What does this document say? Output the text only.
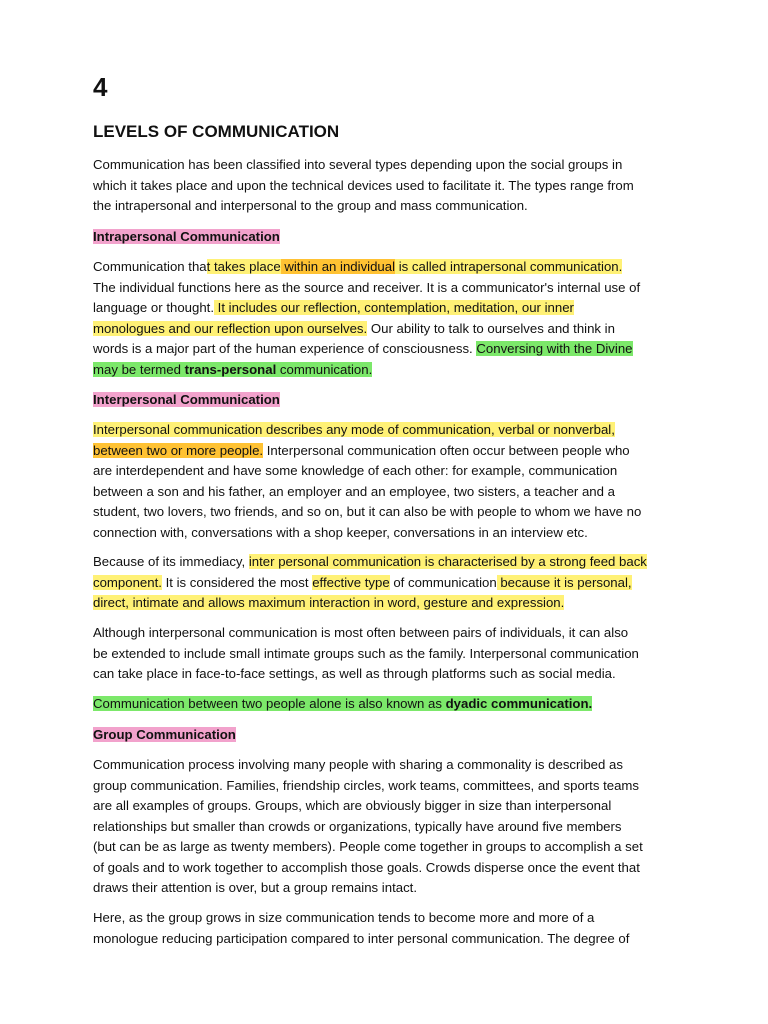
4
LEVELS OF COMMUNICATION

Communication has been classified into several types depending upon the social groups in
which it takes place and upon the technical devices used to facilitate it. The types range from
the intrapersonal and interpersonal to the group and mass communication.

Intrapersonal Communication

Communication that takes place within an individual is called intrapersonal communication.
The individual functions here as the source and receiver. It is a communicator's internal use of
language or thought. It includes our reflection, contemplation, meditation, our inner
monologues and our reflection upon ourselves. Our ability to talk to ourselves and think in
words is a major part of the human experience of consciousness. Conversing with the Divine
may be termed trans-personal communication.

Interpersonal Communication

Interpersonal communication describes any mode of communication, verbal or nonverbal,
between two or more people. Interpersonal communication often occur between people who
are interdependent and have some knowledge of each other: for example, communication
between a son and his father, an employer and an employee, two sisters, a teacher and a
student, two lovers, two friends, and so on, but it can also be with people to whom we have no
connection with, conversations with a shop keeper, conversations in an interview etc.

Because of its immediacy, inter personal communication is characterised by a strong feed back
component. It is considered the most effective type of communication because it is personal,
direct, intimate and allows maximum interaction in word, gesture and expression.

Although interpersonal communication is most often between pairs of individuals, it can also
be extended to include small intimate groups such as the family. Interpersonal communication
can take place in face-to-face settings, as well as through platforms such as social media.

Communication between two people alone is also known as dyadic communication.

Group Communication

Communication process involving many people with sharing a commonality is described as
group communication. Families, friendship circles, work teams, committees, and sports teams
are all examples of groups. Groups, which are obviously bigger in size than interpersonal
relationships but smaller than crowds or organizations, typically have around five members
(but can be as large as twenty members). People come together in groups to accomplish a set
of goals and to work together to accomplish those goals. Crowds disperse once the event that
draws their attention is over, but a group remains intact.

Here, as the group grows in size communication tends to become more and more of a
monologue reducing participation compared to inter personal communication. The degree of
